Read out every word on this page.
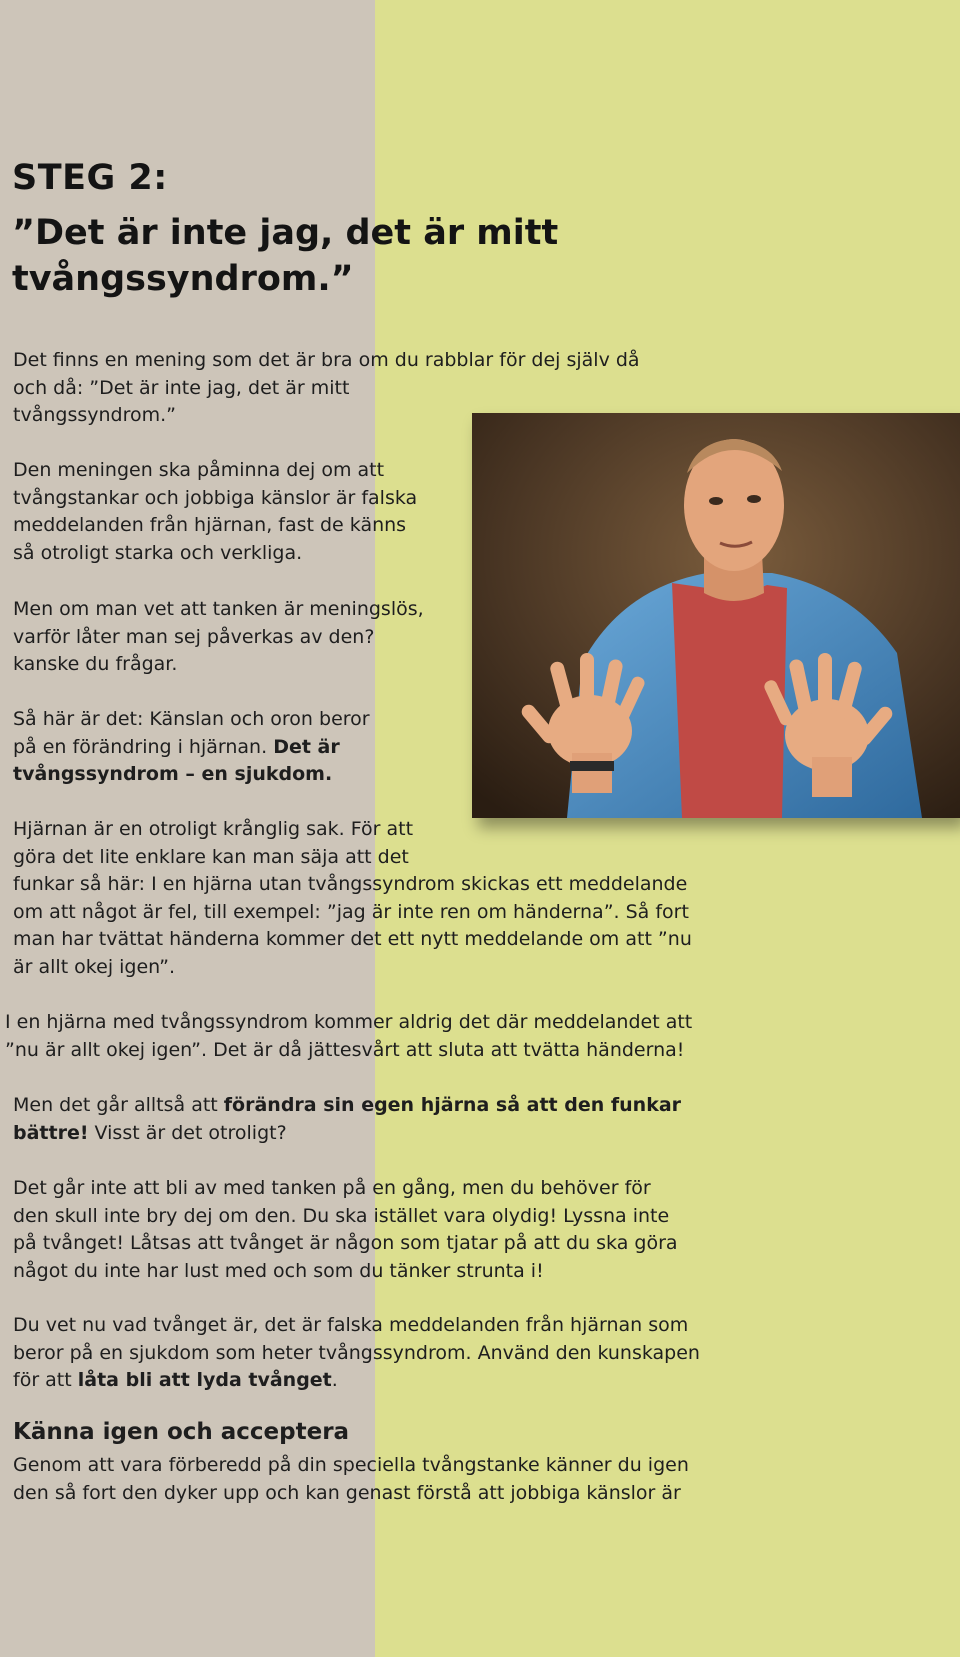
STEG 2:
”Det är inte jag, det är mitt
tvångssyndrom.”

Det finns en mening som det är bra om du rabblar för dej själv då
och då: ”Det är inte jag, det är mitt
tvångssyndrom.”

Den meningen ska påminna dej om att
tvångstankar och jobbiga känslor är falska
meddelanden från hjärnan, fast de känns
så otroligt starka och verkliga.

Men om man vet att tanken är meningslös,
varför låter man sej påverkas av den?
kanske du frågar.

Så här är det: Känslan och oron beror
på en förändring i hjärnan. Det är
tvångssyndrom – en sjukdom.

Hjärnan är en otroligt krånglig sak. För att
göra det lite enklare kan man säja att det
funkar så här: I en hjärna utan tvångssyndrom skickas ett meddelande
om att något är fel, till exempel: ”jag är inte ren om händerna”. Så fort
man har tvättat händerna kommer det ett nytt meddelande om att ”nu
är allt okej igen”.

I en hjärna med tvångssyndrom kommer aldrig det där meddelandet att
”nu är allt okej igen”. Det är då jättesvårt att sluta att tvätta händerna!

Men det går alltså att förändra sin egen hjärna så att den funkar
bättre! Visst är det otroligt?

Det går inte att bli av med tanken på en gång, men du behöver för
den skull inte bry dej om den. Du ska istället vara olydig! Lyssna inte
på tvånget! Låtsas att tvånget är någon som tjatar på att du ska göra
något du inte har lust med och som du tänker strunta i!

Du vet nu vad tvånget är, det är falska meddelanden från hjärnan som
beror på en sjukdom som heter tvångssyndrom. Använd den kunskapen
för att låta bli att lyda tvånget.

Känna igen och acceptera

Genom att vara förberedd på din speciella tvångstanke känner du igen
den så fort den dyker upp och kan genast förstå att jobbiga känslor är
